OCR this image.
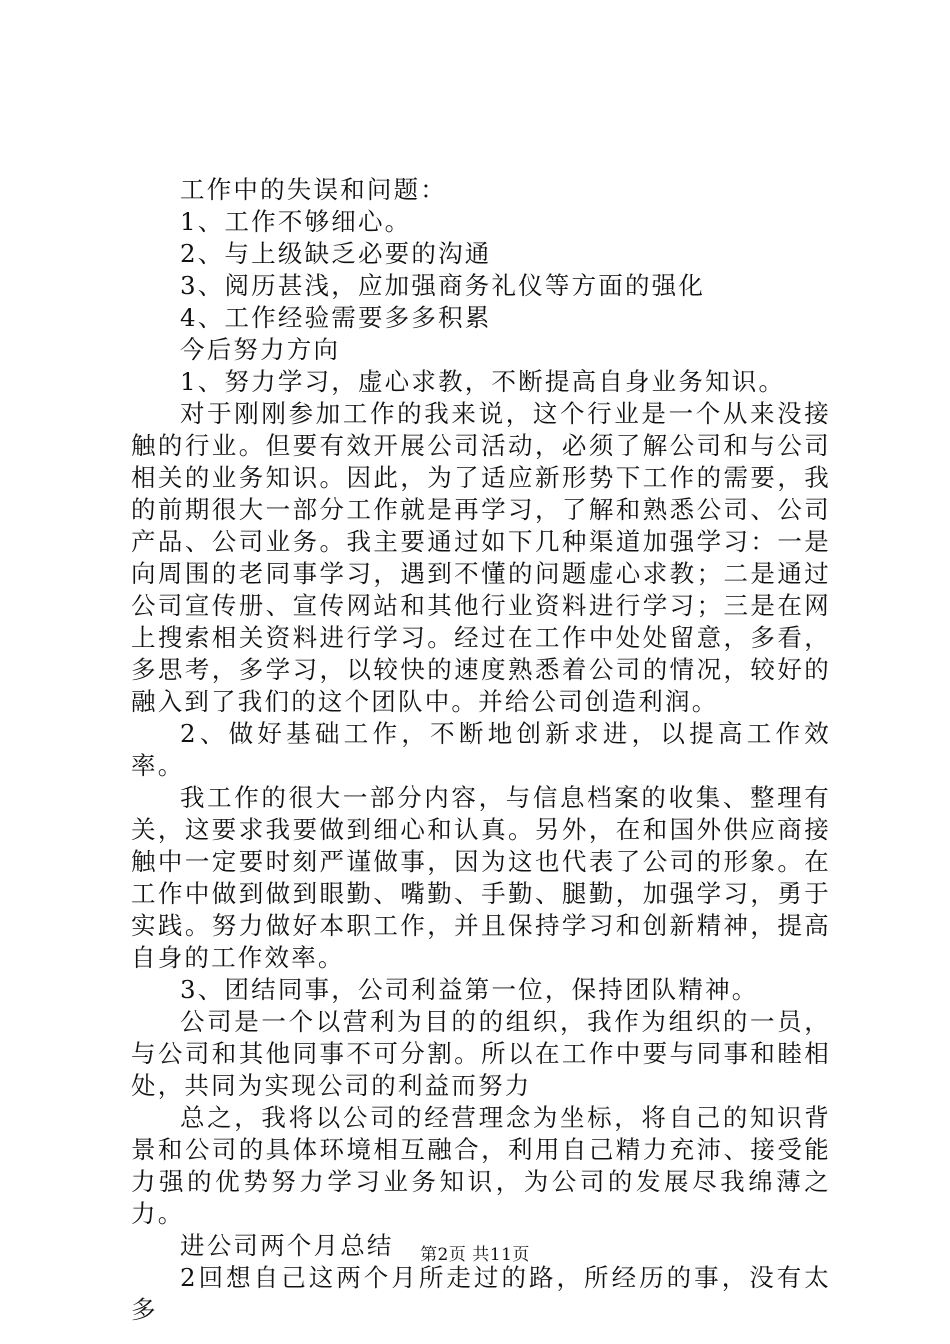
工作中的失误和问题：

1、工作不够细心。

2、与上级缺乏必要的沟通

3、阅历甚浅，应加强商务礼仪等方面的强化

4、工作经验需要多多积累

今后努力方向

1、努力学习，虚心求教，不断提高自身业务知识。

对于刚刚参加工作的我来说，这个行业是一个从来没接触的行业。但要有效开展公司活动，必须了解公司和与公司相关的业务知识。因此，为了适应新形势下工作的需要，我的前期很大一部分工作就是再学习，了解和熟悉公司、公司产品、公司业务。我主要通过如下几种渠道加强学习：一是向周围的老同事学习，遇到不懂的问题虚心求教；二是通过公司宣传册、宣传网站和其他行业资料进行学习；三是在网上搜索相关资料进行学习。经过在工作中处处留意，多看，多思考，多学习，以较快的速度熟悉着公司的情况，较好的融入到了我们的这个团队中。并给公司创造利润。

2、做好基础工作，不断地创新求进，以提高工作效率。

我工作的很大一部分内容，与信息档案的收集、整理有关，这要求我要做到细心和认真。另外，在和国外供应商接触中一定要时刻严谨做事，因为这也代表了公司的形象。在工作中做到做到眼勤、嘴勤、手勤、腿勤，加强学习，勇于实践。努力做好本职工作，并且保持学习和创新精神，提高自身的工作效率。

3、团结同事，公司利益第一位，保持团队精神。

公司是一个以营利为目的的组织，我作为组织的一员，与公司和其他同事不可分割。所以在工作中要与同事和睦相处，共同为实现公司的利益而努力

总之，我将以公司的经营理念为坐标，将自己的知识背景和公司的具体环境相互融合，利用自己精力充沛、接受能力强的优势努力学习业务知识，为公司的发展尽我绵薄之力。

进公司两个月总结

2回想自己这两个月所走过的路，所经历的事，没有太多

第2页 共11页
